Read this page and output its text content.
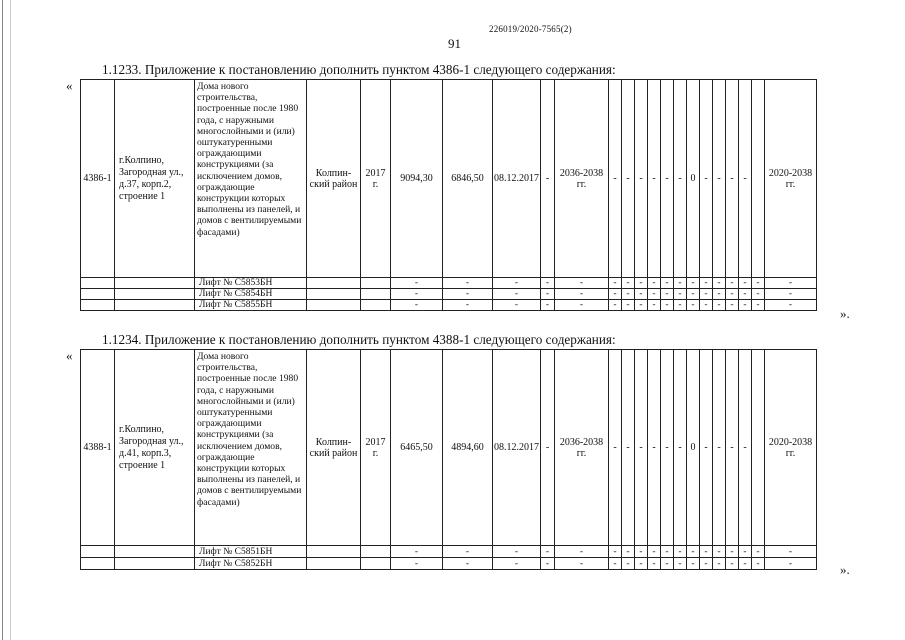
226019/2020-7565(2)
91
1.1233. Приложение к постановлению дополнить пунктом 4386-1 следующего содержания:
«
4386-1	г.Колпино, Загородная ул., д.37, корп.2, строение 1	Дома нового строительства, построенные после 1980 года, с наружными многослойными и (или) оштукатуренными ограждающими конструкциями (за исключением домов, ограждающие конструкции которых выполнены из панелей, и домов с вентилируемыми фасадами)	Колпин-ский район	2017 г.	9094,30	6846,50	08.12.2017	-	2036-2038 гг.	-	-	-	-	-	-	0	-	-	-	-		2020-2038 гг.
		Лифт № С5853БН			-	-	-	-	-	-	-	-	-	-	-	-	-	-	-	-	-	-
		Лифт № С5854БН			-	-	-	-	-	-	-	-	-	-	-	-	-	-	-	-	-	-
		Лифт № С5855БН			-	-	-	-	-	-	-	-	-	-	-	-	-	-	-	-	-	-
».
1.1234. Приложение к постановлению дополнить пунктом 4388-1 следующего содержания:
«
4388-1	г.Колпино, Загородная ул., д.41, корп.3, строение 1	Дома нового строительства, построенные после 1980 года, с наружными многослойными и (или) оштукатуренными ограждающими конструкциями (за исключением домов, ограждающие конструкции которых выполнены из панелей, и домов с вентилируемыми фасадами)	Колпин-ский район	2017 г.	6465,50	4894,60	08.12.2017	-	2036-2038 гг.	-	-	-	-	-	-	0	-	-	-	-		2020-2038 гг.
		Лифт № С5851БН			-	-	-	-	-	-	-	-	-	-	-	-	-	-	-	-	-	-
		Лифт № С5852БН			-	-	-	-	-	-	-	-	-	-	-	-	-	-	-	-	-	-	».
